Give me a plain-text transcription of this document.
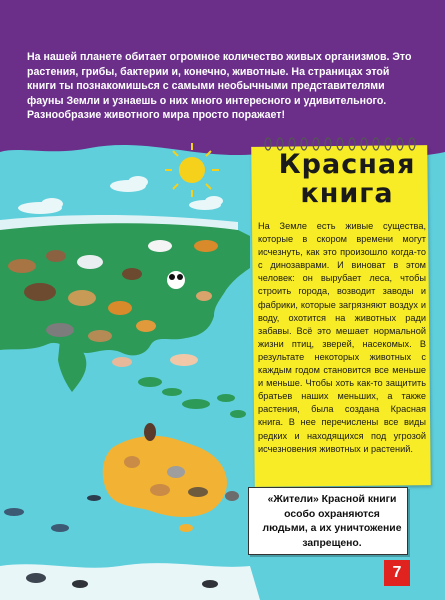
На нашей планете обитает огромное количество живых организмов. Это растения, грибы, бактерии и, конечно, животные. На страницах этой книги ты познакомишься с самыми необычными представителями фауны Земли и узнаешь о них много интересного и удивительного. Разнообразие животного мира просто поражает!

Красная книга

На Земле есть живые существа, которые в скором времени могут исчезнуть, как это произошло когда-то с динозаврами. И виноват в этом человек: он вырубает леса, чтобы строить города, возводит заводы и фабрики, которые загрязняют воздух и воду, охотится на животных ради забавы. Всё это мешает нормальной жизни птиц, зверей, насекомых. В результате некоторых животных с каждым годом становится все меньше и меньше. Чтобы хоть как-то защитить братьев наших меньших, а также растения, была создана Красная книга. В нее перечислены все виды редких и находящихся под угрозой исчезновения животных и растений.

«Жители» Красной книги особо охраняются людьми, а их уничтожение запрещено.

7
